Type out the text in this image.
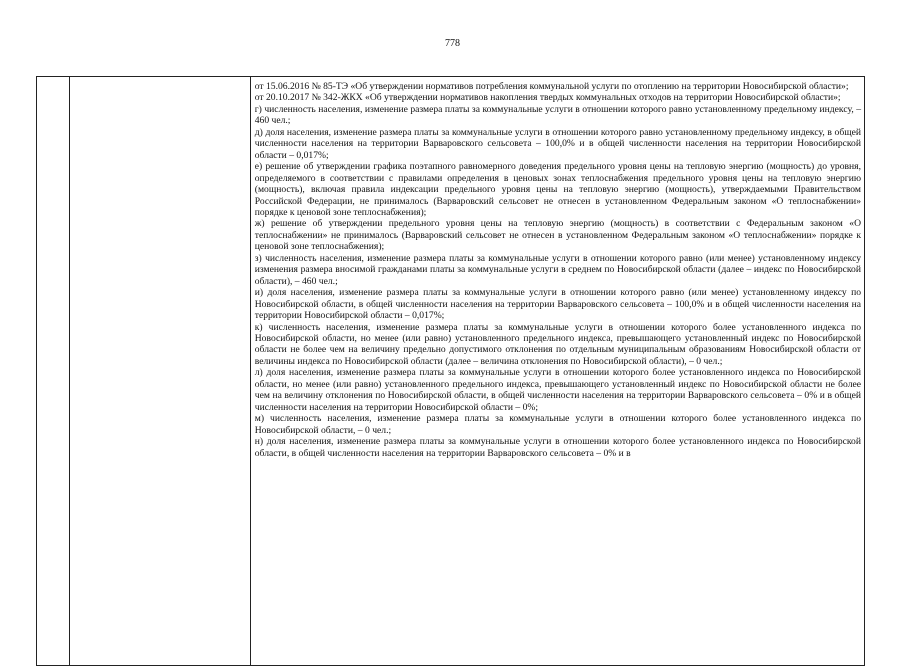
778

от 15.06.2016 № 85-ТЭ «Об утверждении нормативов потребления коммунальной услуги по отоплению на территории Новосибирской области»;

от 20.10.2017 № 342-ЖКХ «Об утверждении нормативов накопления твердых коммунальных отходов на территории Новосибирской области»;

г) численность населения, изменение размера платы за коммунальные услуги в отношении которого равно установленному предельному индексу, – 460 чел.;

д) доля населения, изменение размера платы за коммунальные услуги в отношении которого равно установленному предельному индексу, в общей численности населения на территории Варваровского сельсовета – 100,0% и в общей численности населения на территории Новосибирской области – 0,017%;

е) решение об утверждении графика поэтапного равномерного доведения предельного уровня цены на тепловую энергию (мощность) до уровня, определяемого в соответствии с правилами определения в ценовых зонах теплоснабжения предельного уровня цены на тепловую энергию (мощность), включая правила индексации предельного уровня цены на тепловую энергию (мощность), утверждаемыми Правительством Российской Федерации, не принималось (Варваровский сельсовет не отнесен в установленном Федеральным законом «О теплоснабжении» порядке к ценовой зоне теплоснабжения);

ж) решение об утверждении предельного уровня цены на тепловую энергию (мощность) в соответствии с Федеральным законом «О теплоснабжении» не принималось (Варваровский сельсовет не отнесен в установленном Федеральным законом «О теплоснабжении» порядке к ценовой зоне теплоснабжения);

з) численность населения, изменение размера платы за коммунальные услуги в отношении которого равно (или менее) установленному индексу изменения размера вносимой гражданами платы за коммунальные услуги в среднем по Новосибирской области (далее – индекс по Новосибирской области), – 460 чел.;

и) доля населения, изменение размера платы за коммунальные услуги в отношении которого равно (или менее) установленному индексу по Новосибирской области, в общей численности населения на территории Варваровского сельсовета – 100,0% и в общей численности населения на территории Новосибирской области – 0,017%;

к) численность населения, изменение размера платы за коммунальные услуги в отношении которого более установленного индекса по Новосибирской области, но менее (или равно) установленного предельного индекса, превышающего установленный индекс по Новосибирской области не более чем на величину предельно допустимого отклонения по отдельным муниципальным образованиям Новосибирской области от величины индекса по Новосибирской области (далее – величина отклонения по Новосибирской области), – 0 чел.;

л) доля населения, изменение размера платы за коммунальные услуги в отношении которого более установленного индекса по Новосибирской области, но менее (или равно) установленного предельного индекса, превышающего установленный индекс по Новосибирской области не более чем на величину отклонения по Новосибирской области, в общей численности населения на территории Варваровского сельсовета – 0% и в общей численности населения на территории Новосибирской области – 0%;

м) численность населения, изменение размера платы за коммунальные услуги в отношении которого более установленного индекса по Новосибирской области, – 0 чел.;

н) доля населения, изменение размера платы за коммунальные услуги в отношении которого более установленного индекса по Новосибирской области, в общей численности населения на территории Варваровского сельсовета – 0% и в
